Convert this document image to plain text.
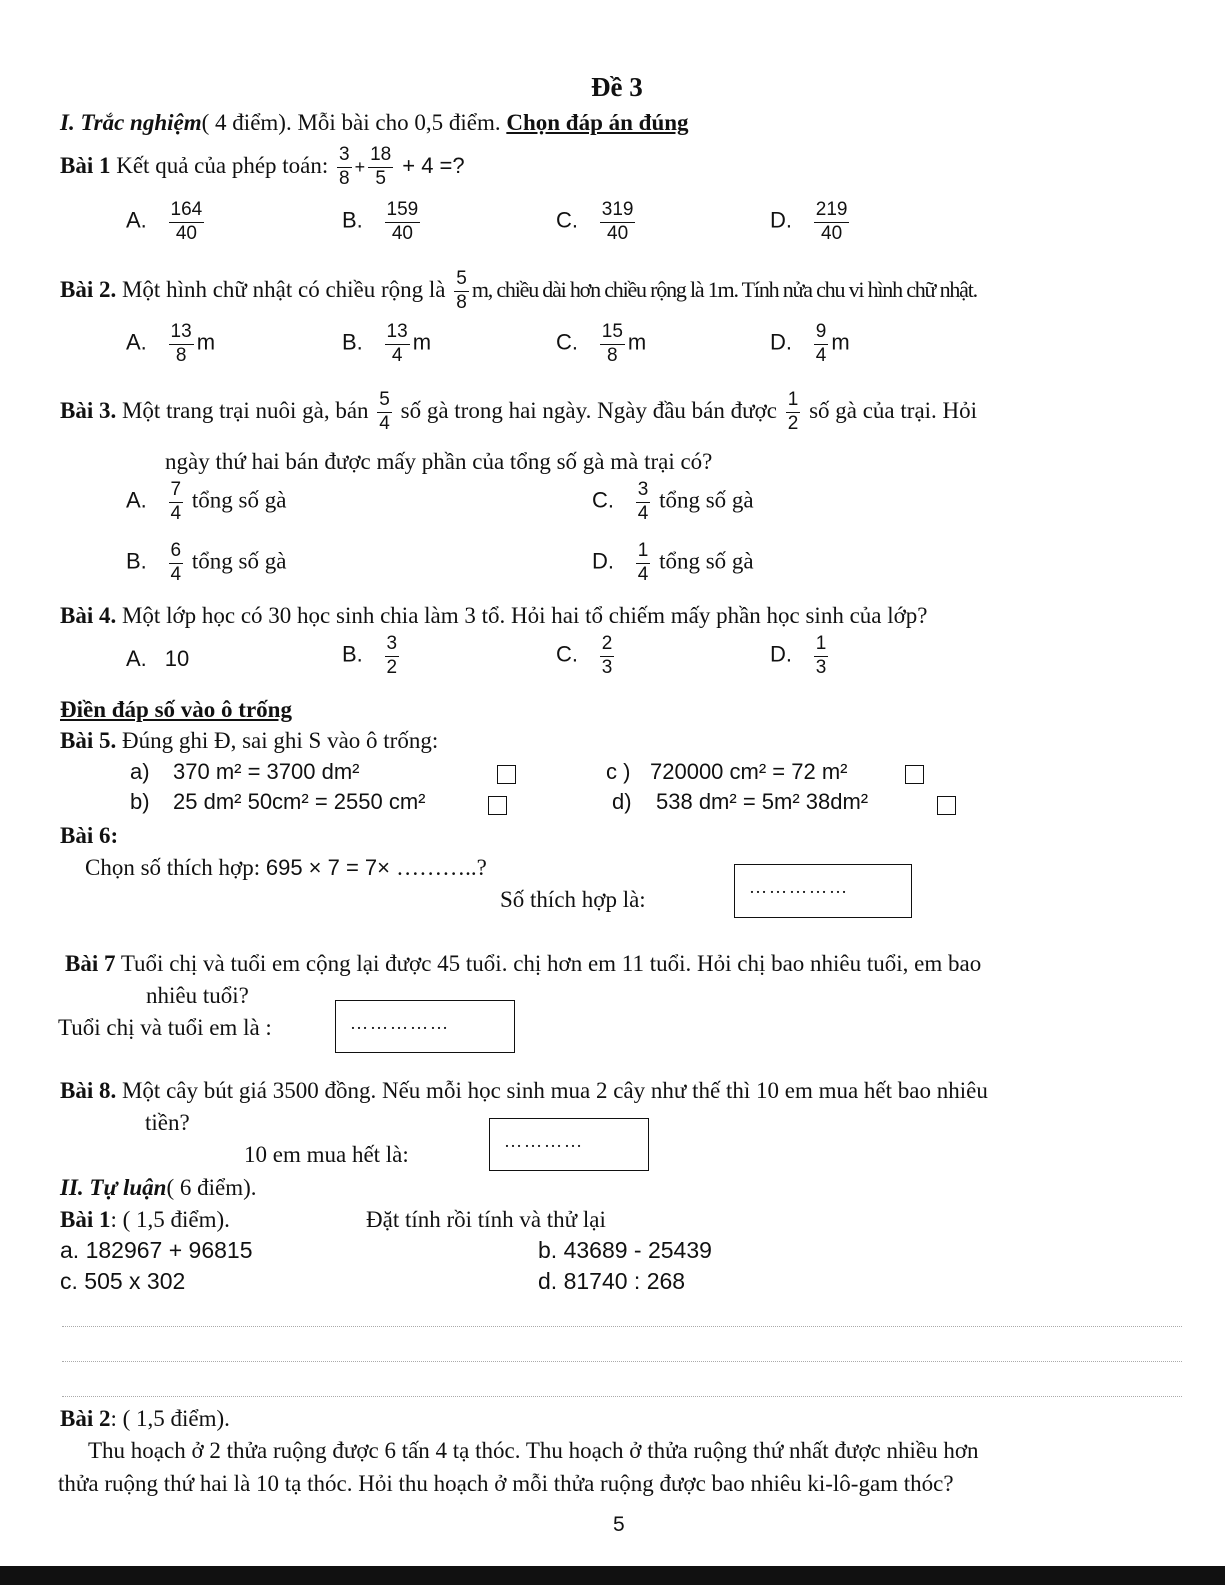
Đề 3
I. Trắc nghiệm( 4 điểm). Mỗi bài cho 0,5 điểm. Chọn đáp án đúng
Bài 1 Kết quả của phép toán: $\frac{3}{8} + \frac{18}{5} + 4$ =?
A. $\frac{164}{40}$	B. $\frac{159}{40}$	C. $\frac{319}{40}$	D. $\frac{219}{40}$
Bài 2. Một hình chữ nhật có chiều rộng là $\frac{5}{8} m$, chiều dài hơn chiều rộng là 1m. Tính nửa chu vi hình chữ nhật.
A. $\frac{13}{8}$ m	B. $\frac{13}{4}$ m	C. $\frac{15}{8}$ m	D. $\frac{9}{4}$ m
Bài 3. Một trang trại nuôi gà, bán $\frac{5}{4}$ số gà trong hai ngày. Ngày đầu bán được $\frac{1}{2}$ số gà của trại. Hỏi
ngày thứ hai bán được mấy phần của tổng số gà mà trại có?
A. $\frac{7}{4}$ tổng số gà	C. $\frac{3}{4}$ tổng số gà
B. $\frac{6}{4}$ tổng số gà	D. $\frac{1}{4}$ tổng số gà
Bài 4. Một lớp học có 30 học sinh chia làm 3 tổ. Hỏi hai tổ chiếm mấy phần học sinh của lớp?
A. 10	B. $\frac{3}{2}$	C. $\frac{2}{3}$	D. $\frac{1}{3}$
Điền đáp số vào ô trống
Bài 5. Đúng ghi Đ, sai ghi S vào ô trống:
a) 370 m² = 3700 dm²	c ) 720000 cm² = 72 m²
b) 25 dm² 50cm² = 2550 cm²	d) 538 dm² = 5m² 38dm²
Bài 6:
Chọn số thích hợp: 695 × 7 = 7× ………..?
Số thích hợp là:	……………
Bài 7 Tuổi chị và tuổi em cộng lại được 45 tuổi. chị hơn em 11 tuổi. Hỏi chị bao nhiêu tuổi, em bao
nhiêu tuổi?
Tuổi chị và tuổi em là :	……………
Bài 8. Một cây bút giá 3500 đồng. Nếu mỗi học sinh mua 2 cây như thế thì 10 em mua hết bao nhiêu
tiền?
10 em mua hết là:
…………
II. Tự luận( 6 điểm).
Bài 1: ( 1,5 điểm).	Đặt tính rồi tính và thử lại
a. 182967 + 96815	b. 43689 - 25439
c. 505 x 302	d. 81740 : 268
Bài 2: ( 1,5 điểm).
Thu hoạch ở 2 thửa ruộng được 6 tấn 4 tạ thóc. Thu hoạch ở thửa ruộng thứ nhất được nhiều hơn
thửa ruộng thứ hai là 10 tạ thóc. Hỏi thu hoạch ở mỗi thửa ruộng được bao nhiêu ki-lô-gam thóc?
5
